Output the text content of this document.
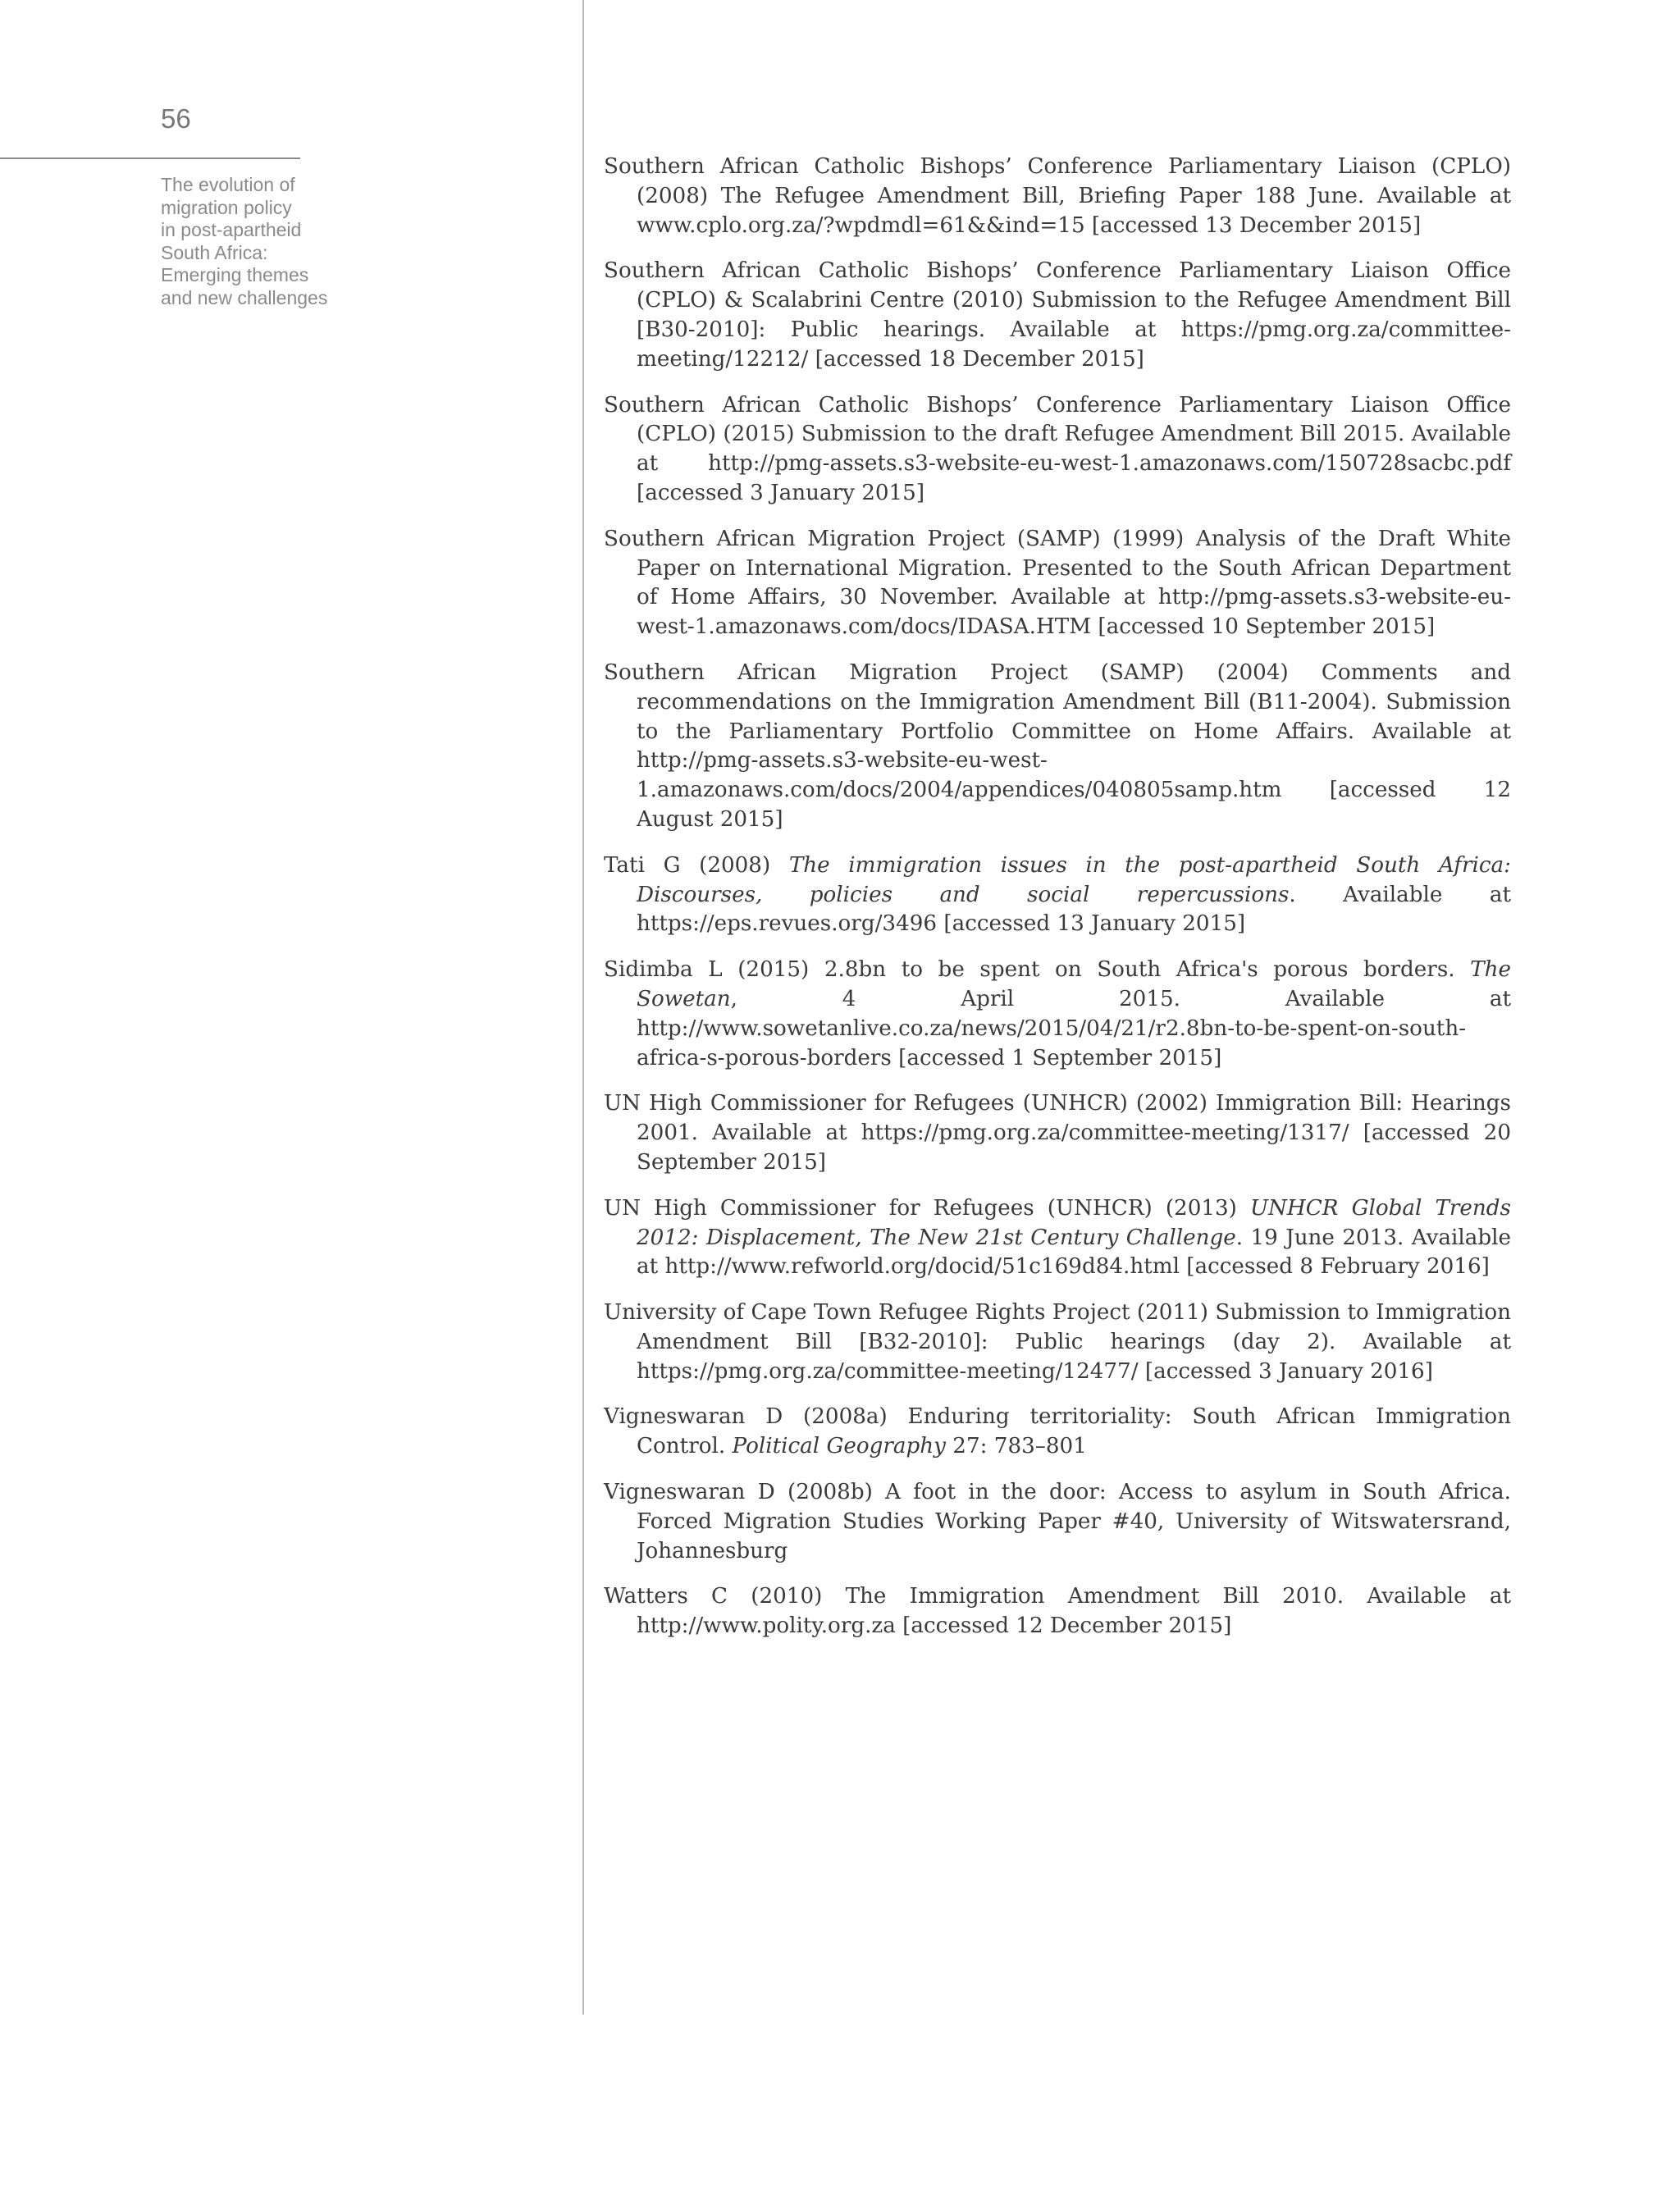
56
The evolution of
migration policy
in post-apartheid
South Africa:
Emerging themes
and new challenges
Southern African Catholic Bishops’ Conference Parliamentary Liaison (CPLO) (2008) The Refugee Amendment Bill, Briefing Paper 188 June. Available at www.cplo.org.za/?wpdmdl=61&&ind=15 [accessed 13 December 2015]
Southern African Catholic Bishops’ Conference Parliamentary Liaison Office (CPLO) & Scalabrini Centre (2010) Submission to the Refugee Amendment Bill [B30-2010]: Public hearings. Available at https://pmg.org.za/committee-meeting/12212/ [accessed 18 December 2015]
Southern African Catholic Bishops’ Conference Parliamentary Liaison Office (CPLO) (2015) Submission to the draft Refugee Amendment Bill 2015. Available at http://pmg-assets.s3-website-eu-west-1.amazonaws.com/150728sacbc.pdf [accessed 3 January 2015]
Southern African Migration Project (SAMP) (1999) Analysis of the Draft White Paper on International Migration. Presented to the South African Department of Home Affairs, 30 November. Available at http://pmg-assets.s3-website-eu-west-1.amazonaws.com/docs/IDASA.HTM [accessed 10 September 2015]
Southern African Migration Project (SAMP) (2004) Comments and recommendations on the Immigration Amendment Bill (B11-2004). Submission to the Parliamentary Portfolio Committee on Home Affairs. Available at http://pmg-assets.s3-website-eu-west-1.amazonaws.com/docs/2004/appendices/040805samp.htm [accessed 12 August 2015]
Tati G (2008) The immigration issues in the post-apartheid South Africa: Discourses, policies and social repercussions. Available at https://eps.revues.org/3496 [accessed 13 January 2015]
Sidimba L (2015) 2.8bn to be spent on South Africa's porous borders. The Sowetan, 4 April 2015. Available at http://www.sowetanlive.co.za/news/2015/04/21/r2.8bn-to-be-spent-on-south-africa-s-porous-borders [accessed 1 September 2015]
UN High Commissioner for Refugees (UNHCR) (2002) Immigration Bill: Hearings 2001. Available at https://pmg.org.za/committee-meeting/1317/ [accessed 20 September 2015]
UN High Commissioner for Refugees (UNHCR) (2013) UNHCR Global Trends 2012: Displacement, The New 21st Century Challenge. 19 June 2013. Available at http://www.refworld.org/docid/51c169d84.html [accessed 8 February 2016]
University of Cape Town Refugee Rights Project (2011) Submission to Immigration Amendment Bill [B32-2010]: Public hearings (day 2). Available at https://pmg.org.za/committee-meeting/12477/ [accessed 3 January 2016]
Vigneswaran D (2008a) Enduring territoriality: South African Immigration Control. Political Geography 27: 783–801
Vigneswaran D (2008b) A foot in the door: Access to asylum in South Africa. Forced Migration Studies Working Paper #40, University of Witswatersrand, Johannesburg
Watters C (2010) The Immigration Amendment Bill 2010. Available at http://www.polity.org.za [accessed 12 December 2015]
